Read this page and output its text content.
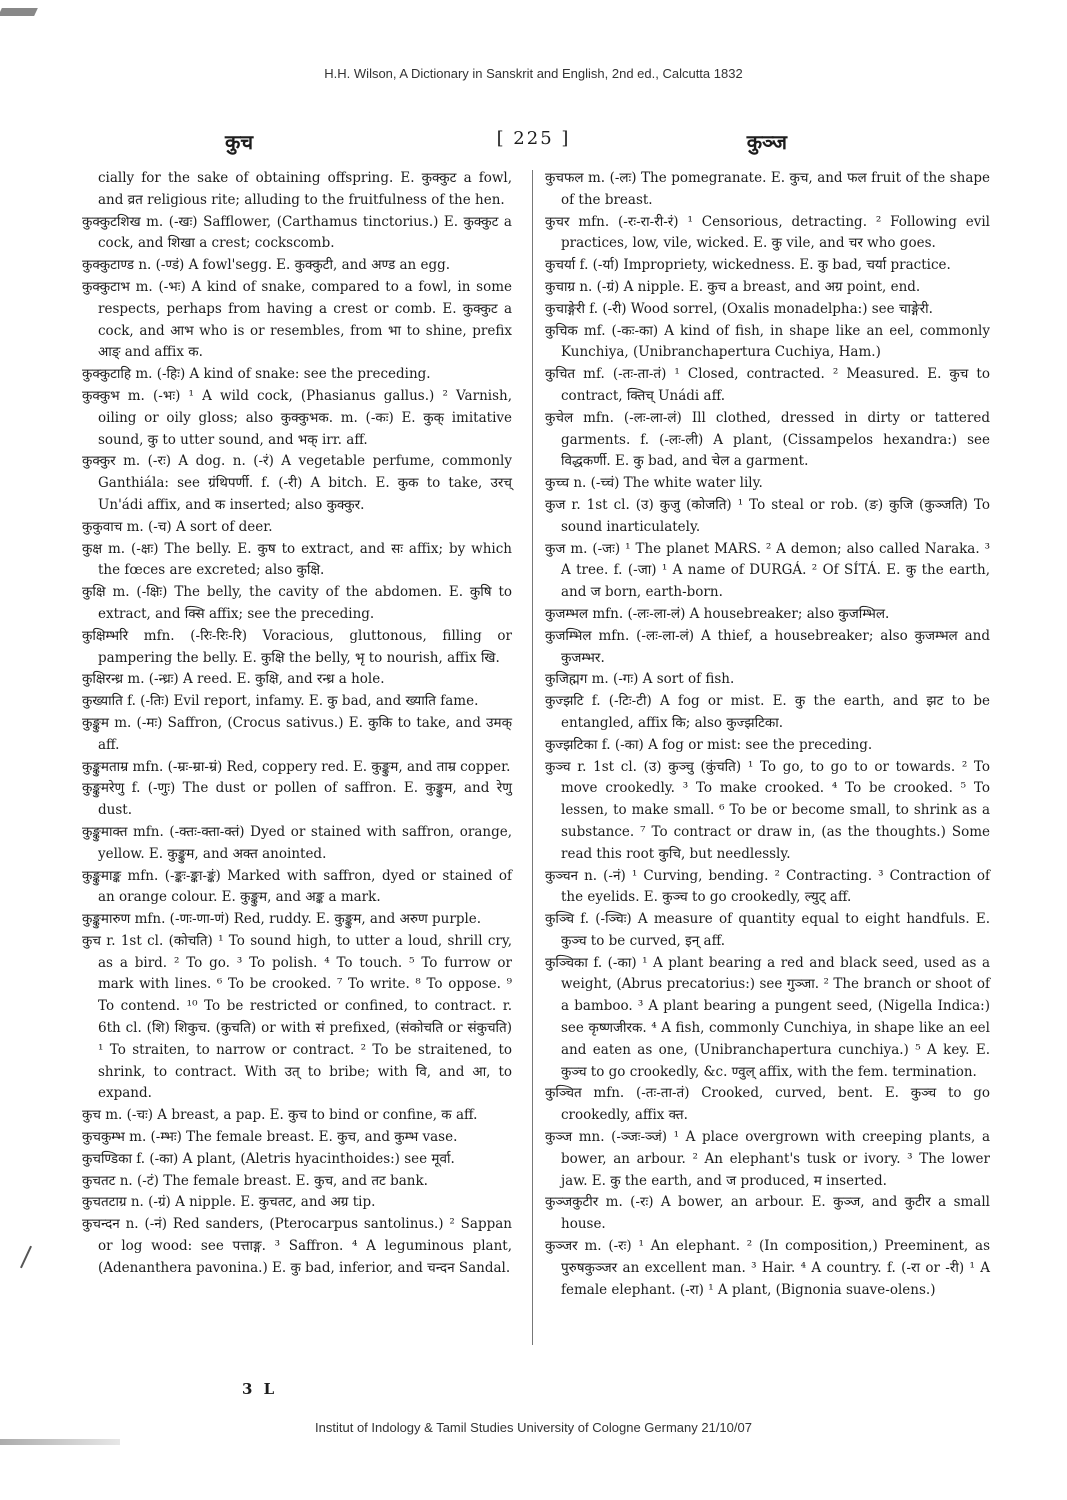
H.H. Wilson, A Dictionary in Sanskrit and English, 2nd ed., Calcutta 1832
कुच	[ 225 ]	कुञ्ज
cially for the sake of obtaining offspring. E. कुक्कुट a fowl, and व्रत religious rite; alluding to the fruitfulness of the hen.
कुक्कुटशिख m. (-खः) Safflower, (Carthamus tinctorius.) E. कुक्कुट a cock, and शिखा a crest; cockscomb.
कुक्कुटाण्ड n. (-ण्डं) A fowl'segg. E. कुक्कुटी, and अण्ड an egg.
कुक्कुटाभ m. (-भः) A kind of snake, compared to a fowl, in some respects, perhaps from having a crest or comb. E. कुक्कुट a cock, and आभ who is or resembles, from भा to shine, prefix आङ् and affix क.
कुक्कुटाहि m. (-हिः) A kind of snake: see the preceding.
कुक्कुभ m. (-भः) ¹ A wild cock, (Phasianus gallus.) ² Varnish, oiling or oily gloss; also कुक्कुभक. m. (-कः) E. कुक् imitative sound, कु to utter sound, and भक् irr. aff.
कुक्कुर m. (-रः) A dog. n. (-रं) A vegetable perfume, commonly Ganthiála: see ग्रंथिपर्णी. f. (-री) A bitch. E. कुक to take, उरच् Un'ádi affix, and क inserted; also कुक्कुर.
कुकुवाच m. (-च) A sort of deer.
कुक्ष m. (-क्षः) The belly. E. कुष to extract, and सः affix; by which the fœces are excreted; also कुक्षि.
कुक्षि m. (-क्षिः) The belly, the cavity of the abdomen. E. कुषि to extract, and क्सि affix; see the preceding.
कुक्षिम्भरि mfn. (-रिः-रिः-रि) Voracious, gluttonous, filling or pampering the belly. E. कुक्षि the belly, भृ to nourish, affix खि.
कुक्षिरन्ध्र m. (-न्ध्रः) A reed. E. कुक्षि, and रन्ध्र a hole.
कुख्याति f. (-तिः) Evil report, infamy. E. कु bad, and ख्याति fame.
कुङ्कुम m. (-मः) Saffron, (Crocus sativus.) E. कुकि to take, and उमक् aff.
कुङ्कुमताम्र mfn. (-म्रः-म्रा-म्रं) Red, coppery red. E. कुङ्कुम, and ताम्र copper.
कुङ्कुमरेणु f. (-णुः) The dust or pollen of saffron. E. कुङ्कुम, and रेणु dust.
कुङ्कुमाक्त mfn. (-क्तः-क्ता-क्तं) Dyed or stained with saffron, orange, yellow. E. कुङ्कुम, and अक्त anointed.
कुङ्कुमाङ्क mfn. (-ङ्कः-ङ्का-ङ्कं) Marked with saffron, dyed or stained of an orange colour. E. कुङ्कुम, and अङ्क a mark.
कुङ्कुमारुण mfn. (-णः-णा-णं) Red, ruddy. E. कुङ्कुम, and अरुण purple.
कुच r. 1st cl. (कोचति) ¹ To sound high, to utter a loud, shrill cry, as a bird. ² To go. ³ To polish. ⁴ To touch. ⁵ To furrow or mark with lines. ⁶ To be crooked. ⁷ To write. ⁸ To oppose. ⁹ To contend. ¹⁰ To be restricted or confined, to contract. r. 6th cl. (शि) शिकुच. (कुचति) or with सं prefixed, (संकोचति or संकुचति) ¹ To straiten, to narrow or contract. ² To be straitened, to shrink, to contract. With उत् to bribe; with वि, and आ, to expand.
कुच m. (-चः) A breast, a pap. E. कुच to bind or confine, क aff.
कुचकुम्भ m. (-म्भः) The female breast. E. कुच, and कुम्भ vase.
कुचण्डिका f. (-का) A plant, (Aletris hyacinthoides:) see मूर्वा.
कुचतट n. (-टं) The female breast. E. कुच, and तट bank.
कुचतटाग्र n. (-ग्रं) A nipple. E. कुचतट, and अग्र tip.
कुचन्दन n. (-नं) Red sanders, (Pterocarpus santolinus.) ² Sappan or log wood: see पत्ताङ्ग. ³ Saffron. ⁴ A leguminous plant, (Adenanthera pavonina.) E. कु bad, inferior, and चन्दन Sandal.
कुचफल m. (-लः) The pomegranate. E. कुच, and फल fruit of the shape of the breast.
कुचर mfn. (-रः-रा-री-रं) ¹ Censorious, detracting. ² Following evil practices, low, vile, wicked. E. कु vile, and चर who goes.
कुचर्या f. (-र्या) Impropriety, wickedness. E. कु bad, चर्या practice.
कुचाग्र n. (-ग्रं) A nipple. E. कुच a breast, and अग्र point, end.
कुचाङ्गेरी f. (-री) Wood sorrel, (Oxalis monadelpha:) see चाङ्गेरी.
कुचिक mf. (-कः-का) A kind of fish, in shape like an eel, commonly Kunchiya, (Unibranchapertura Cuchiya, Ham.)
कुचित mf. (-तः-ता-तं) ¹ Closed, contracted. ² Measured. E. कुच to contract, क्तिच् Unádi aff.
कुचेल mfn. (-लः-ला-लं) Ill clothed, dressed in dirty or tattered garments. f. (-लः-ली) A plant, (Cissampelos hexandra:) see विद्धकर्णी. E. कु bad, and चेल a garment.
कुच्च n. (-च्चं) The white water lily.
कुज r. 1st cl. (उ) कुजु (कोजति) ¹ To steal or rob. (ङ) कुजि (कुञ्जति) To sound inarticulately.
कुज m. (-जः) ¹ The planet MARS. ² A demon; also called Naraka. ³ A tree. f. (-जा) ¹ A name of DURGÁ. ² Of SÍTÁ. E. कु the earth, and ज born, earth-born.
कुजम्भल mfn. (-लः-ला-लं) A housebreaker; also कुजम्भिल.
कुजम्भिल mfn. (-लः-ला-लं) A thief, a housebreaker; also कुजम्भल and कुजम्भर.
कुजिह्मग m. (-गः) A sort of fish.
कुज्झटि f. (-टिः-टी) A fog or mist. E. कु the earth, and झट to be entangled, affix कि; also कुज्झटिका.
कुज्झटिका f. (-का) A fog or mist: see the preceding.
कुञ्च r. 1st cl. (उ) कुञ्चु (कुंचति) ¹ To go, to go to or towards. ² To move crookedly. ³ To make crooked. ⁴ To be crooked. ⁵ To lessen, to make small. ⁶ To be or become small, to shrink as a substance. ⁷ To contract or draw in, (as the thoughts.) Some read this root कुचि, but needlessly.
कुञ्चन n. (-नं) ¹ Curving, bending. ² Contracting. ³ Contraction of the eyelids. E. कुञ्च to go crookedly, ल्युट् aff.
कुञ्चि f. (-ञ्चिः) A measure of quantity equal to eight handfuls. E. कुञ्च to be curved, इन् aff.
कुञ्चिका f. (-का) ¹ A plant bearing a red and black seed, used as a weight, (Abrus precatorius:) see गुञ्जा. ² The branch or shoot of a bamboo. ³ A plant bearing a pungent seed, (Nigella Indica:) see कृष्णजीरक. ⁴ A fish, commonly Cunchiya, in shape like an eel and eaten as one, (Unibranchapertura cunchiya.) ⁵ A key. E. कुञ्च to go crookedly, &c. ण्वुल् affix, with the fem. termination.
कुञ्चित mfn. (-तः-ता-तं) Crooked, curved, bent. E. कुञ्च to go crookedly, affix क्त.
कुञ्ज mn. (-ञ्जः-ञ्जं) ¹ A place overgrown with creeping plants, a bower, an arbour. ² An elephant's tusk or ivory. ³ The lower jaw. E. कु the earth, and ज produced, म inserted.
कुञ्जकुटीर m. (-रः) A bower, an arbour. E. कुञ्ज, and कुटीर a small house.
कुञ्जर m. (-रः) ¹ An elephant. ² (In composition,) Preeminent, as पुरुषकुञ्जर an excellent man. ³ Hair. ⁴ A country. f. (-रा or -री) ¹ A female elephant. (-रा) ¹ A plant, (Bignonia suave-olens.)
3 L
Institut of Indology & Tamil Studies University of Cologne Germany 21/10/07
